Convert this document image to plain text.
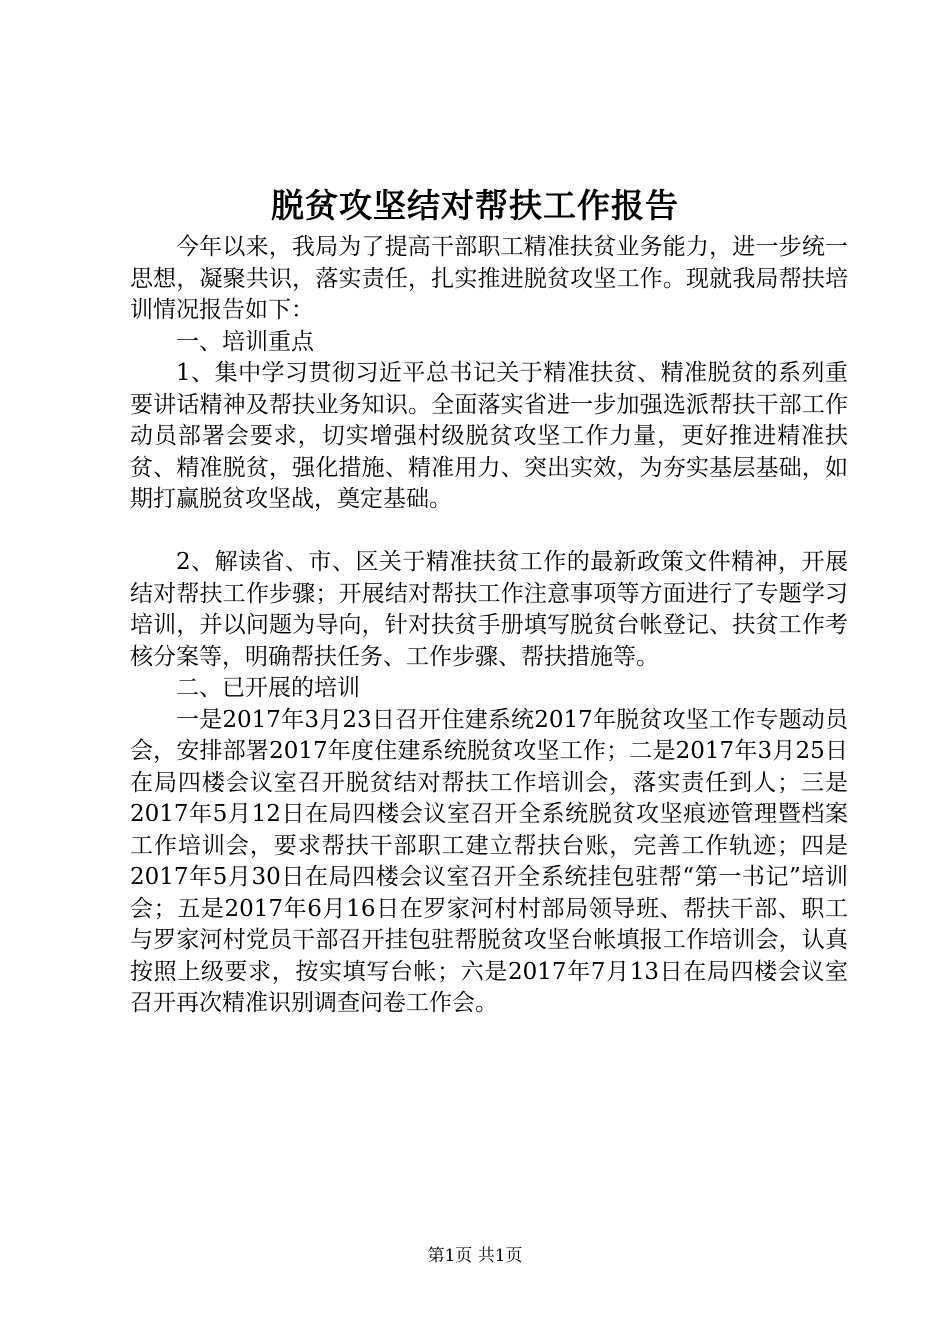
脱贫攻坚结对帮扶工作报告

今年以来，我局为了提高干部职工精准扶贫业务能力，进一步统一思想，凝聚共识，落实责任，扎实推进脱贫攻坚工作。现就我局帮扶培训情况报告如下：

一、培训重点

1、集中学习贯彻习近平总书记关于精准扶贫、精准脱贫的系列重要讲话精神及帮扶业务知识。全面落实省进一步加强选派帮扶干部工作动员部署会要求，切实增强村级脱贫攻坚工作力量，更好推进精准扶贫、精准脱贫，强化措施、精准用力、突出实效，为夯实基层基础，如期打赢脱贫攻坚战，奠定基础。

2、解读省、市、区关于精准扶贫工作的最新政策文件精神，开展结对帮扶工作步骤；开展结对帮扶工作注意事项等方面进行了专题学习培训，并以问题为导向，针对扶贫手册填写脱贫台帐登记、扶贫工作考核分案等，明确帮扶任务、工作步骤、帮扶措施等。

二、已开展的培训

一是2017年3月23日召开住建系统2017年脱贫攻坚工作专题动员会，安排部署2017年度住建系统脱贫攻坚工作；二是2017年3月25日在局四楼会议室召开脱贫结对帮扶工作培训会，落实责任到人；三是2017年5月12日在局四楼会议室召开全系统脱贫攻坚痕迹管理暨档案工作培训会，要求帮扶干部职工建立帮扶台账，完善工作轨迹；四是2017年5月30日在局四楼会议室召开全系统挂包驻帮“第一书记”培训会；五是2017年6月16日在罗家河村村部局领导班、帮扶干部、职工与罗家河村党员干部召开挂包驻帮脱贫攻坚台帐填报工作培训会，认真按照上级要求，按实填写台帐；六是2017年7月13日在局四楼会议室召开再次精准识别调查问卷工作会。

第1页 共1页
